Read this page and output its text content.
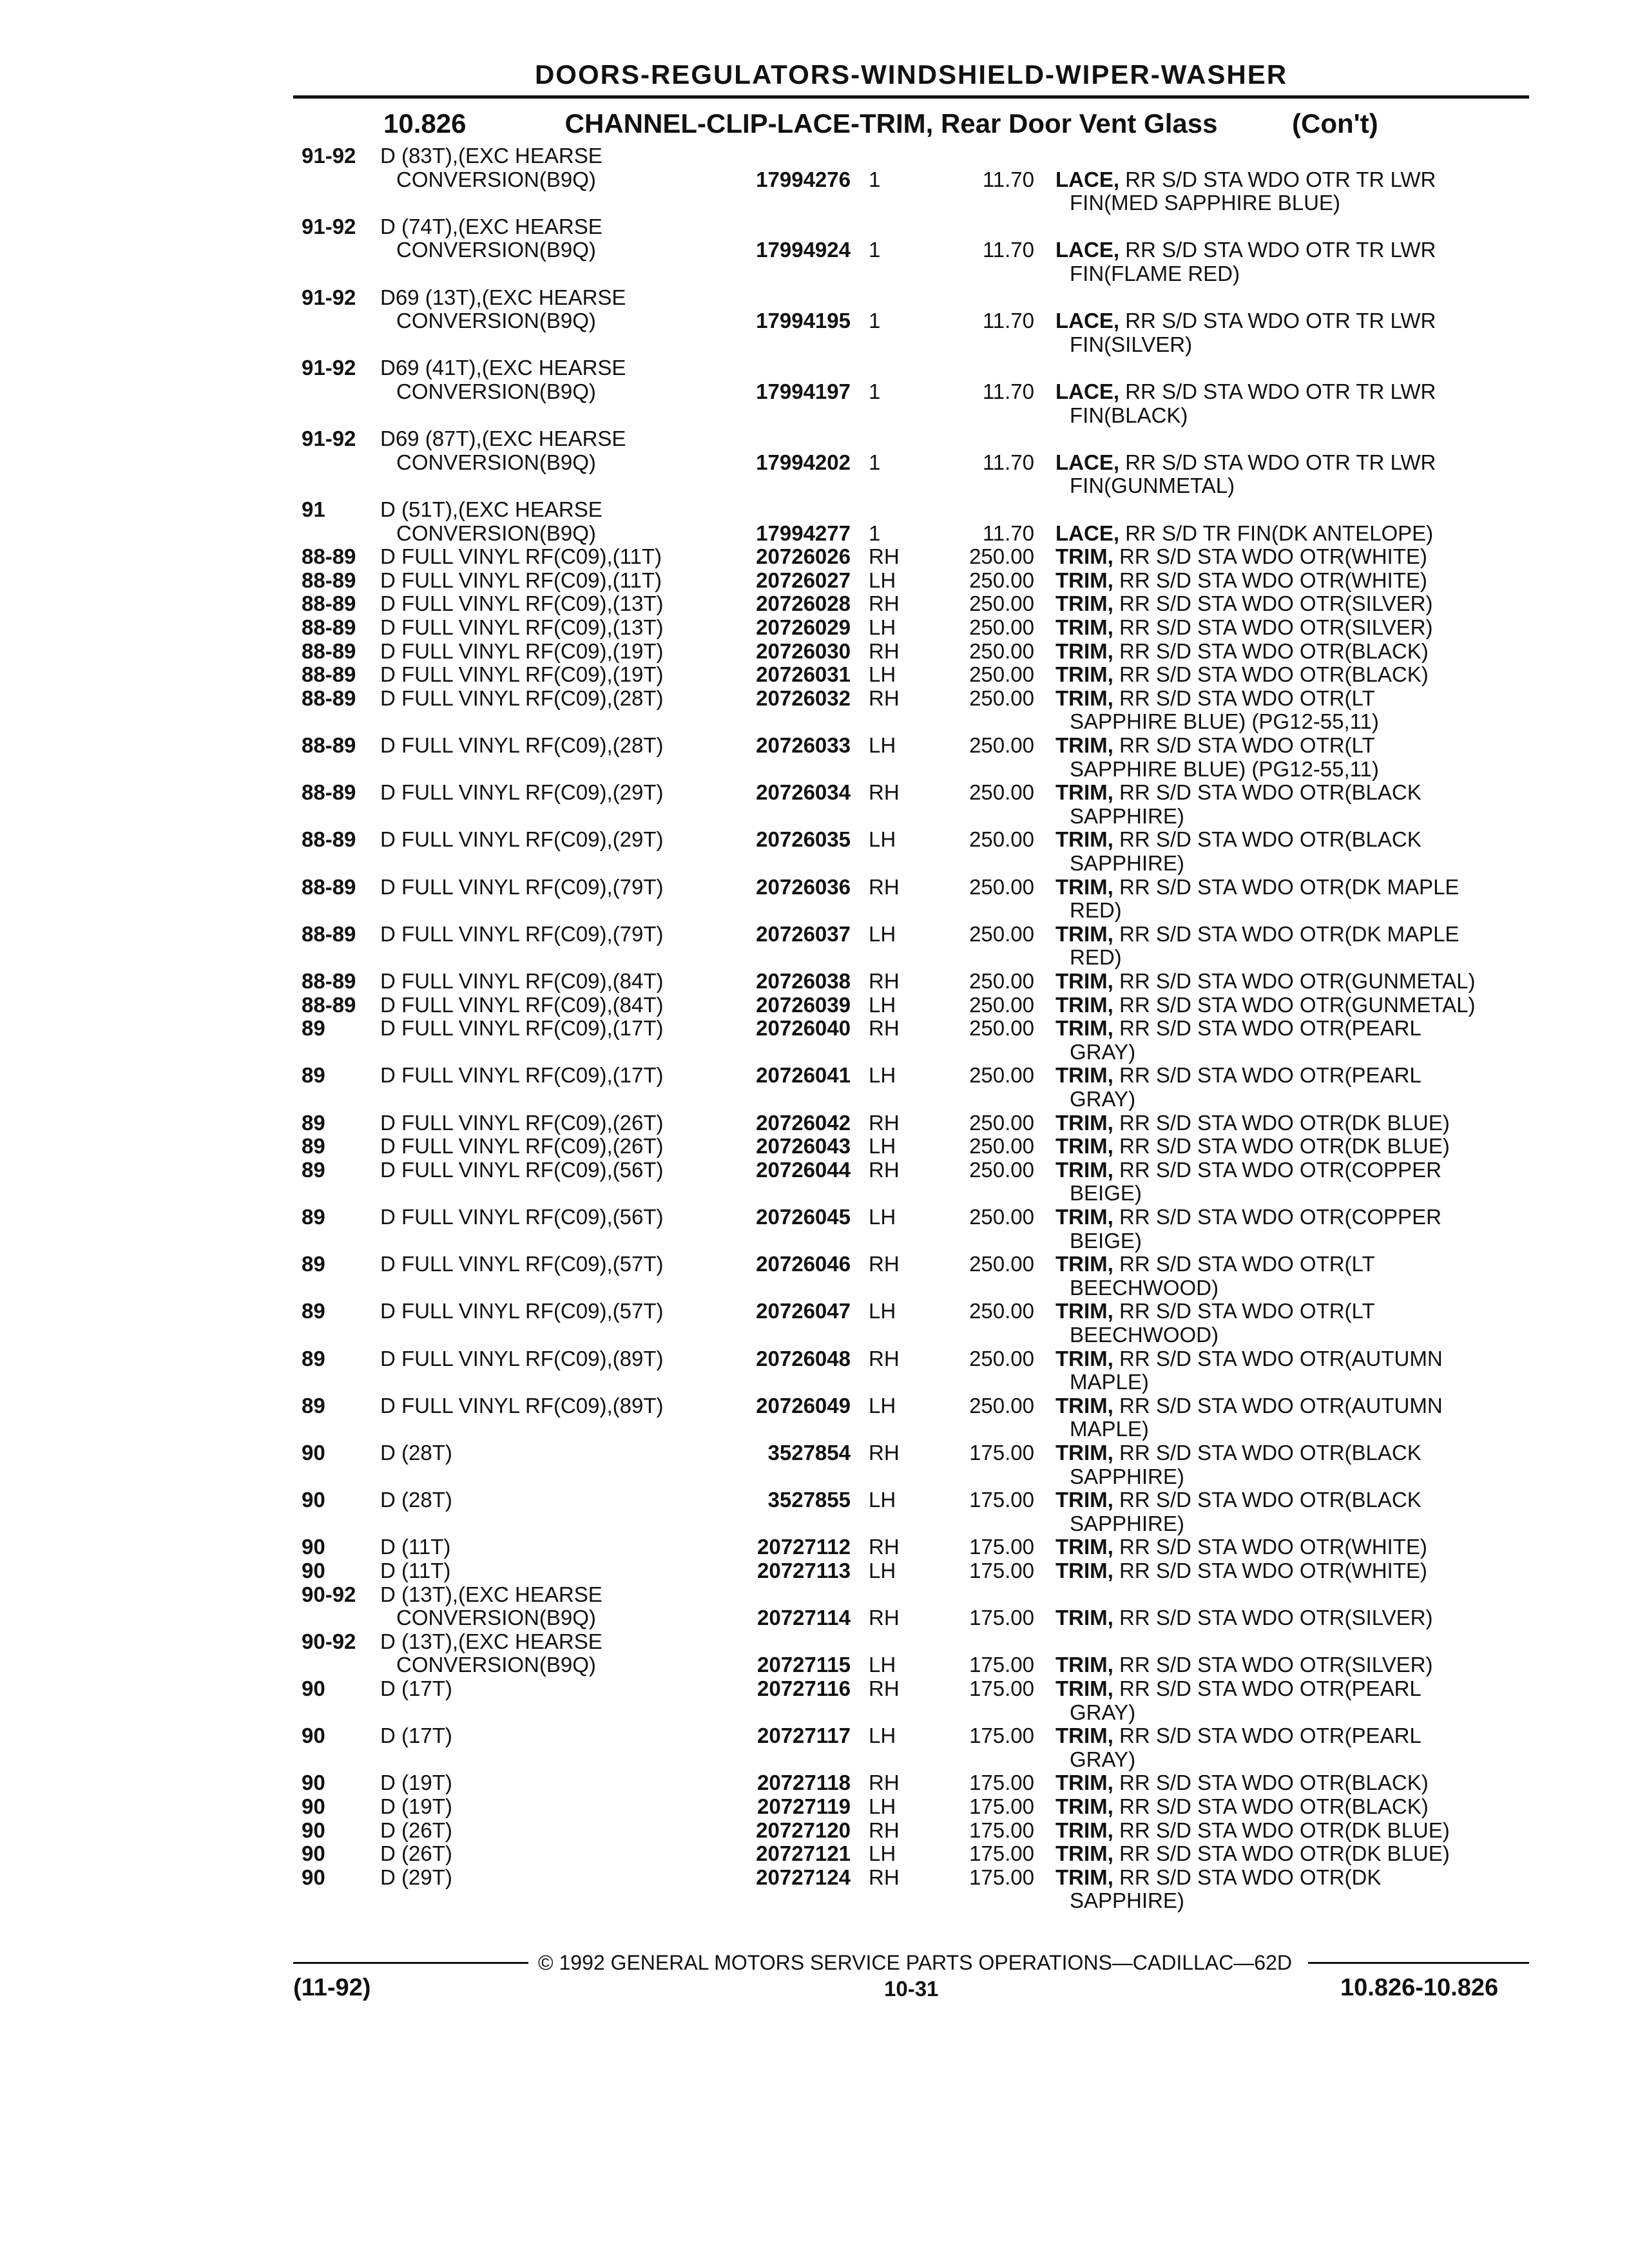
DOORS-REGULATORS-WINDSHIELD-WIPER-WASHER
10.826	CHANNEL-CLIP-LACE-TRIM, Rear Door Vent Glass	(Con't)
91-92 D (83T),(EXC HEARSE
CONVERSION(B9Q)	17994276 1	11.70 LACE, RR S/D STA WDO OTR TR LWR
FIN(MED SAPPHIRE BLUE)
91-92 D (74T),(EXC HEARSE
CONVERSION(B9Q)	17994924 1	11.70 LACE, RR S/D STA WDO OTR TR LWR
FIN(FLAME RED)
91-92 D69 (13T),(EXC HEARSE
CONVERSION(B9Q)	17994195 1	11.70 LACE, RR S/D STA WDO OTR TR LWR
FIN(SILVER)
91-92 D69 (41T),(EXC HEARSE
CONVERSION(B9Q)	17994197 1	11.70 LACE, RR S/D STA WDO OTR TR LWR
FIN(BLACK)
91-92 D69 (87T),(EXC HEARSE
CONVERSION(B9Q)	17994202 1	11.70 LACE, RR S/D STA WDO OTR TR LWR
FIN(GUNMETAL)
91	D (51T),(EXC HEARSE
CONVERSION(B9Q)	17994277 1	11.70 LACE, RR S/D TR FIN(DK ANTELOPE)
88-89 D FULL VINYL RF(C09),(11T)	20726026 RH	250.00 TRIM, RR S/D STA WDO OTR(WHITE)
88-89 D FULL VINYL RF(C09),(11T)	20726027 LH	250.00 TRIM, RR S/D STA WDO OTR(WHITE)
88-89 D FULL VINYL RF(C09),(13T)	20726028 RH	250.00 TRIM, RR S/D STA WDO OTR(SILVER)
88-89 D FULL VINYL RF(C09),(13T)	20726029 LH	250.00 TRIM, RR S/D STA WDO OTR(SILVER)
88-89 D FULL VINYL RF(C09),(19T)	20726030 RH	250.00 TRIM, RR S/D STA WDO OTR(BLACK)
88-89 D FULL VINYL RF(C09),(19T)	20726031 LH	250.00 TRIM, RR S/D STA WDO OTR(BLACK)
88-89 D FULL VINYL RF(C09),(28T)	20726032 RH	250.00 TRIM, RR S/D STA WDO OTR(LT
SAPPHIRE BLUE) (PG12-55,11)
88-89 D FULL VINYL RF(C09),(28T)	20726033 LH	250.00 TRIM, RR S/D STA WDO OTR(LT
SAPPHIRE BLUE) (PG12-55,11)
88-89 D FULL VINYL RF(C09),(29T)	20726034 RH	250.00 TRIM, RR S/D STA WDO OTR(BLACK
SAPPHIRE)
88-89 D FULL VINYL RF(C09),(29T)	20726035 LH	250.00 TRIM, RR S/D STA WDO OTR(BLACK
SAPPHIRE)
88-89 D FULL VINYL RF(C09),(79T)	20726036 RH	250.00 TRIM, RR S/D STA WDO OTR(DK MAPLE
RED)
88-89 D FULL VINYL RF(C09),(79T)	20726037 LH	250.00 TRIM, RR S/D STA WDO OTR(DK MAPLE
RED)
88-89 D FULL VINYL RF(C09),(84T)	20726038 RH	250.00 TRIM, RR S/D STA WDO OTR(GUNMETAL)
88-89 D FULL VINYL RF(C09),(84T)	20726039 LH	250.00 TRIM, RR S/D STA WDO OTR(GUNMETAL)
89	D FULL VINYL RF(C09),(17T)	20726040 RH	250.00 TRIM, RR S/D STA WDO OTR(PEARL
GRAY)
89	D FULL VINYL RF(C09),(17T)	20726041 LH	250.00 TRIM, RR S/D STA WDO OTR(PEARL
GRAY)
89	D FULL VINYL RF(C09),(26T)	20726042 RH	250.00 TRIM, RR S/D STA WDO OTR(DK BLUE)
89	D FULL VINYL RF(C09),(26T)	20726043 LH	250.00 TRIM, RR S/D STA WDO OTR(DK BLUE)
89	D FULL VINYL RF(C09),(56T)	20726044 RH	250.00 TRIM, RR S/D STA WDO OTR(COPPER
BEIGE)
89	D FULL VINYL RF(C09),(56T)	20726045 LH	250.00 TRIM, RR S/D STA WDO OTR(COPPER
BEIGE)
89	D FULL VINYL RF(C09),(57T)	20726046 RH	250.00 TRIM, RR S/D STA WDO OTR(LT
BEECHWOOD)
89	D FULL VINYL RF(C09),(57T)	20726047 LH	250.00 TRIM, RR S/D STA WDO OTR(LT
BEECHWOOD)
89	D FULL VINYL RF(C09),(89T)	20726048 RH	250.00 TRIM, RR S/D STA WDO OTR(AUTUMN
MAPLE)
89	D FULL VINYL RF(C09),(89T)	20726049 LH	250.00 TRIM, RR S/D STA WDO OTR(AUTUMN
MAPLE)
90	D (28T)	3527854 RH	175.00 TRIM, RR S/D STA WDO OTR(BLACK
SAPPHIRE)
90	D (28T)	3527855 LH	175.00 TRIM, RR S/D STA WDO OTR(BLACK
SAPPHIRE)
90	D (11T)	20727112 RH	175.00 TRIM, RR S/D STA WDO OTR(WHITE)
90	D (11T)	20727113 LH	175.00 TRIM, RR S/D STA WDO OTR(WHITE)
90-92 D (13T),(EXC HEARSE
CONVERSION(B9Q)	20727114 RH	175.00 TRIM, RR S/D STA WDO OTR(SILVER)
90-92 D (13T),(EXC HEARSE
CONVERSION(B9Q)	20727115 LH	175.00 TRIM, RR S/D STA WDO OTR(SILVER)
90	D (17T)	20727116 RH	175.00 TRIM, RR S/D STA WDO OTR(PEARL
GRAY)
90	D (17T)	20727117 LH	175.00 TRIM, RR S/D STA WDO OTR(PEARL
GRAY)
90	D (19T)	20727118 RH	175.00 TRIM, RR S/D STA WDO OTR(BLACK)
90	D (19T)	20727119 LH	175.00 TRIM, RR S/D STA WDO OTR(BLACK)
90	D (26T)	20727120 RH	175.00 TRIM, RR S/D STA WDO OTR(DK BLUE)
90	D (26T)	20727121 LH	175.00 TRIM, RR S/D STA WDO OTR(DK BLUE)
90	D (29T)	20727124 RH	175.00 TRIM, RR S/D STA WDO OTR(DK
SAPPHIRE)
© 1992 GENERAL MOTORS SERVICE PARTS OPERATIONS—CADILLAC—62D
(11-92)	10-31	10.826-10.826
